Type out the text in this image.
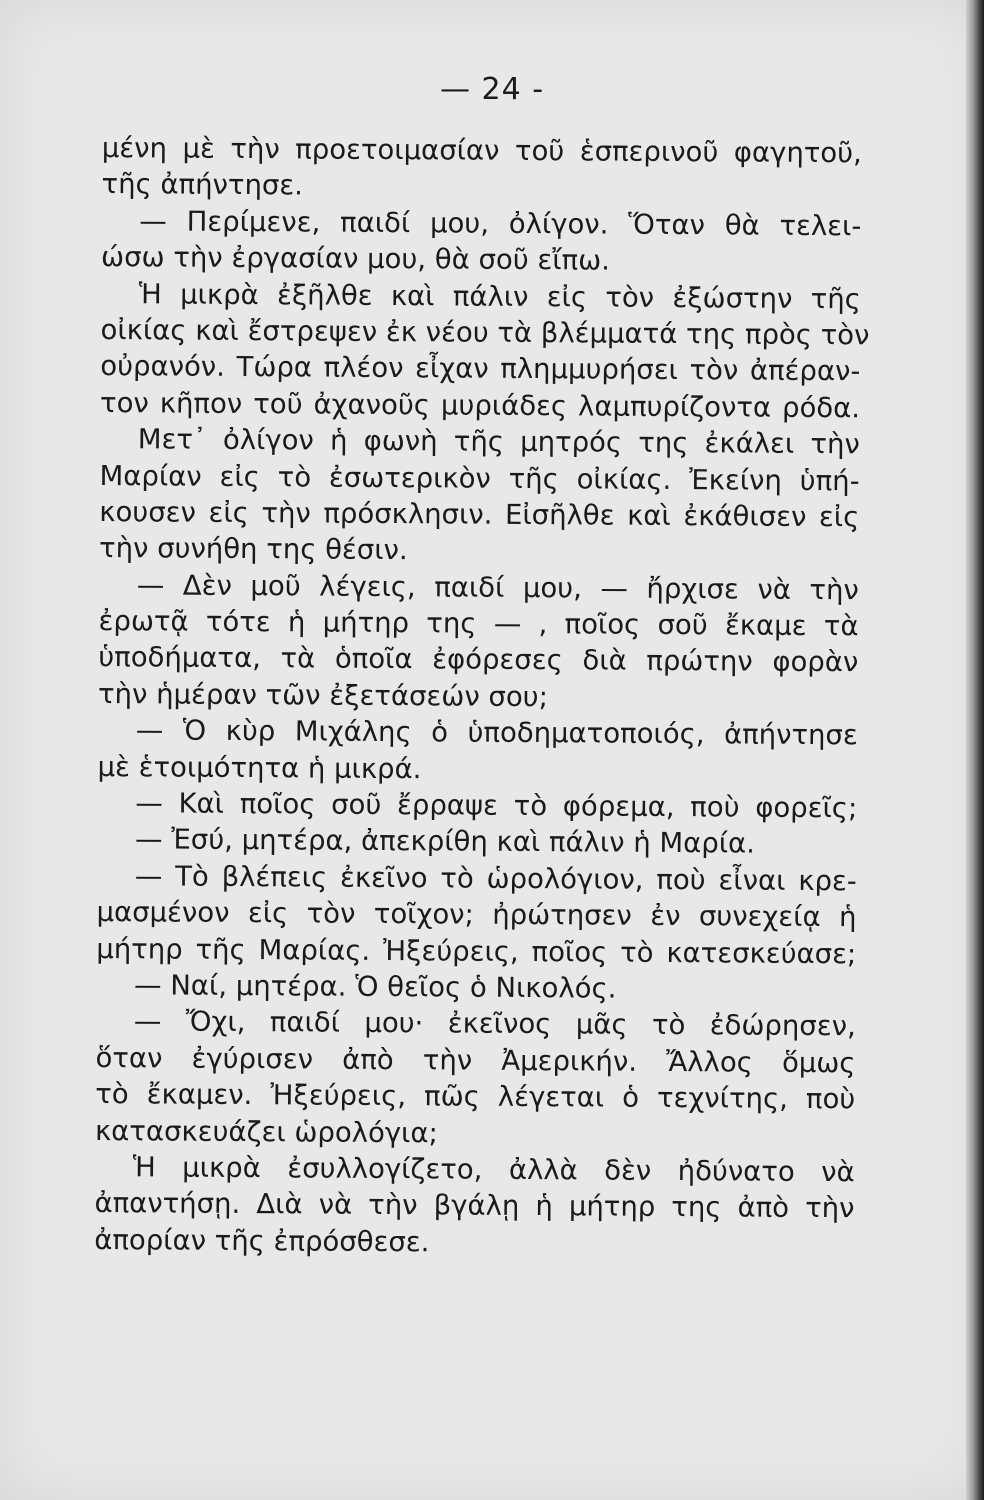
— 24 -
μένη μὲ τὴν προετοιμασίαν τοῦ ἑσπερινοῦ φαγητοῦ,
τῆς ἀπήντησε.
— Περίμενε, παιδί μου, ὀλίγον. Ὅταν θὰ τελει-
ώσω τὴν ἐργασίαν μου, θὰ σοῦ εἴπω.
Ἡ μικρὰ ἐξῆλθε καὶ πάλιν εἰς τὸν ἐξώστην τῆς
οἰκίας καὶ ἔστρεψεν ἐκ νέου τὰ βλέμματά της πρὸς τὸν
οὐρανόν. Τώρα πλέον εἶχαν πλημμυρήσει τὸν ἀπέραν-
τον κῆπον τοῦ ἀχανοῦς μυριάδες λαμπυρίζοντα ρόδα.
Μετ᾽ ὀλίγον ἡ φωνὴ τῆς μητρός της ἐκάλει τὴν
Μαρίαν εἰς τὸ ἐσωτερικὸν τῆς οἰκίας. Ἐκείνη ὑπή-
κουσεν εἰς τὴν πρόσκλησιν. Εἰσῆλθε καὶ ἐκάθισεν εἰς
τὴν συνήθη της θέσιν.
— Δὲν μοῦ λέγεις, παιδί μου, — ἤρχισε νὰ τὴν
ἐρωτᾷ τότε ἡ μήτηρ της — , ποῖος σοῦ ἔκαμε τὰ
ὑποδήματα, τὰ ὁποῖα ἐφόρεσες διὰ πρώτην φορὰν
τὴν ἡμέραν τῶν ἐξετάσεών σου;
— Ὁ κὺρ Μιχάλης ὁ ὑποδηματοποιός, ἀπήντησε
μὲ ἑτοιμότητα ἡ μικρά.
— Καὶ ποῖος σοῦ ἔρραψε τὸ φόρεμα, ποὺ φορεῖς;
— Ἐσύ, μητέρα, ἀπεκρίθη καὶ πάλιν ἡ Μαρία.
— Τὸ βλέπεις ἐκεῖνο τὸ ὡρολόγιον, ποὺ εἶναι κρε-
μασμένον εἰς τὸν τοῖχον; ἠρώτησεν ἐν συνεχείᾳ ἡ
μήτηρ τῆς Μαρίας. Ἠξεύρεις, ποῖος τὸ κατεσκεύασε;
— Ναί, μητέρα. Ὁ θεῖος ὁ Νικολός.
— Ὄχι, παιδί μου· ἐκεῖνος μᾶς τὸ ἐδώρησεν,
ὅταν ἐγύρισεν ἀπὸ τὴν Ἀμερικήν. Ἄλλος ὅμως
τὸ ἔκαμεν. Ἠξεύρεις, πῶς λέγεται ὁ τεχνίτης, ποὺ
κατασκευάζει ὡρολόγια;
Ἡ μικρὰ ἐσυλλογίζετο, ἀλλὰ δὲν ἠδύνατο νὰ
ἀπαντήσῃ. Διὰ νὰ τὴν βγάλῃ ἡ μήτηρ της ἀπὸ τὴν
ἀπορίαν τῆς ἐπρόσθεσε.
